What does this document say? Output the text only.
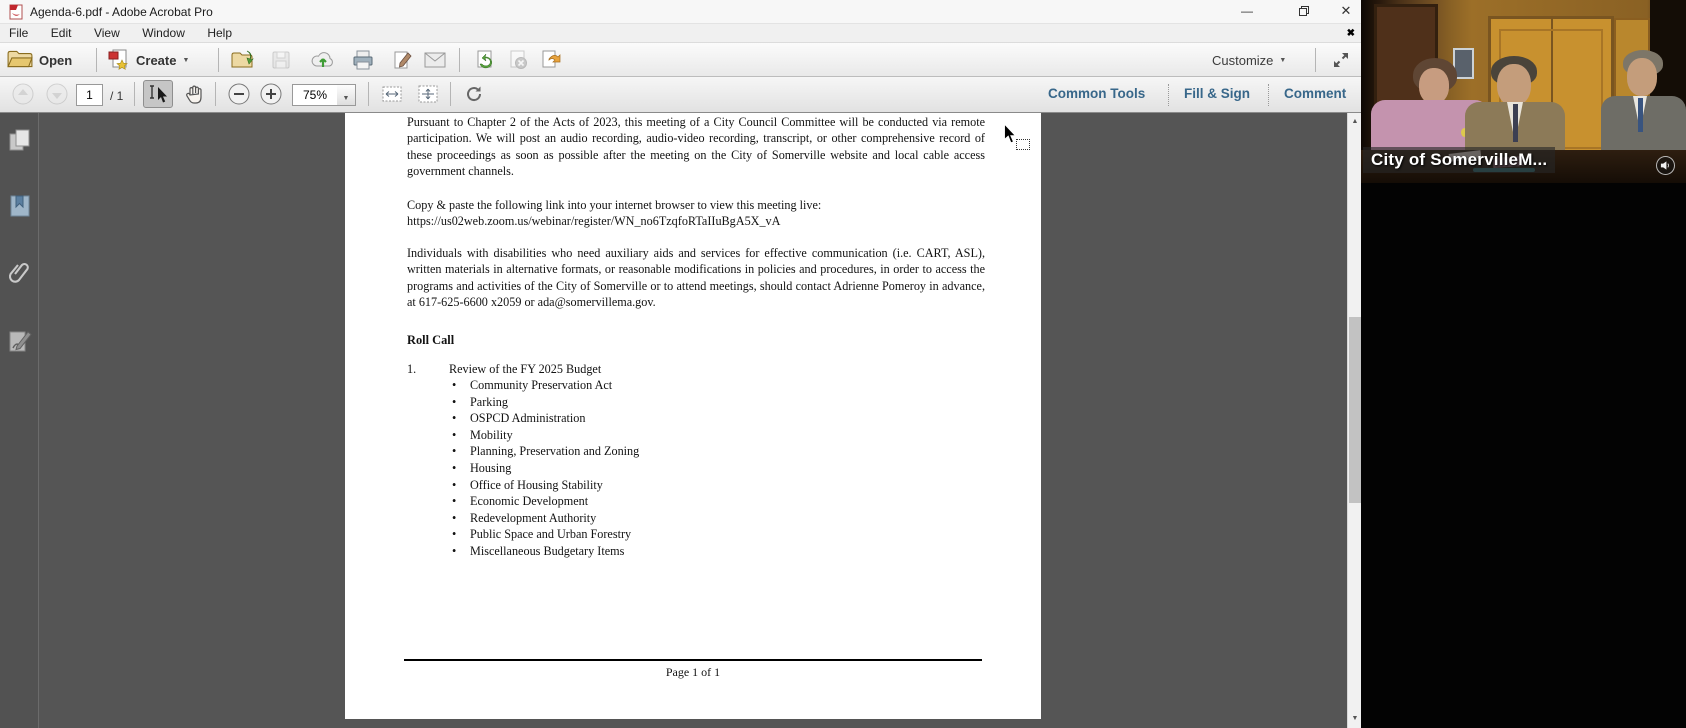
Agenda-6.pdf - Adobe Acrobat Pro	—	✕
File Edit View Window Help	✖
Open	Create ▼	Customize ▼
1
/ 1
75%	▼	Common Tools	Fill & Sign	Comment
Pursuant to Chapter 2 of the Acts of 2023, this meeting of a City Council Committee will be conducted via remote participation. We will post an audio recording, audio-video recording, transcript, or other comprehensive record of these proceedings as soon as possible after the meeting on the City of Somerville website and local cable access government channels.
Copy & paste the following link into your internet browser to view this meeting live:
https://us02web.zoom.us/webinar/register/WN_no6TzqfoRTaIIuBgA5X_vA
Individuals with disabilities who need auxiliary aids and services for effective communication (i.e. CART, ASL), written materials in alternative formats, or reasonable modifications in policies and procedures, in order to access the programs and activities of the City of Somerville or to attend meetings, should contact Adrienne Pomeroy in advance, at 617-625-6600 x2059 or ada@somervillema.gov.
Roll Call
1.	Review of the FY 2025 Budget
• Community Preservation Act
• Parking
• OSPCD Administration
• Mobility
• Planning, Preservation and Zoning
• Housing
• Office of Housing Stability
• Economic Development
• Redevelopment Authority
• Public Space and Urban Forestry
• Miscellaneous Budgetary Items
Page 1 of 1
▲
▼
City of SomervilleM...
